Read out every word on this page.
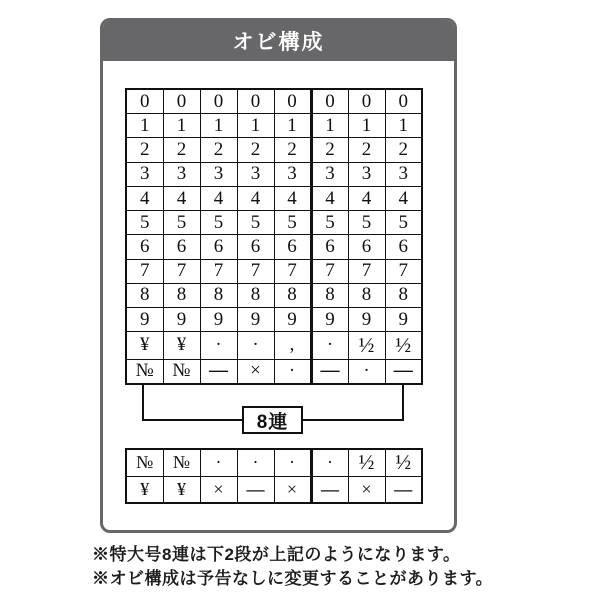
オビ構成
0	0	0	0	0	0	0	0
1	1	1	1	1	1	1	1
2	2	2	2	2	2	2	2
3	3	3	3	3	3	3	3
4	4	4	4	4	4	4	4
5	5	5	5	5	5	5	5
6	6	6	6	6	6	6	6
7	7	7	7	7	7	7	7
8	8	8	8	8	8	8	8
9	9	9	9	9	9	9	9
¥	¥	·	·	,	·	½	½
№	№	—	×	·	—	·	—
8連
№	№	·	·	·	·	½	½
¥	¥	×	—	×	—	×	—
※特大号8連は下2段が上記のようになります。
※オビ構成は予告なしに変更することがあります。
